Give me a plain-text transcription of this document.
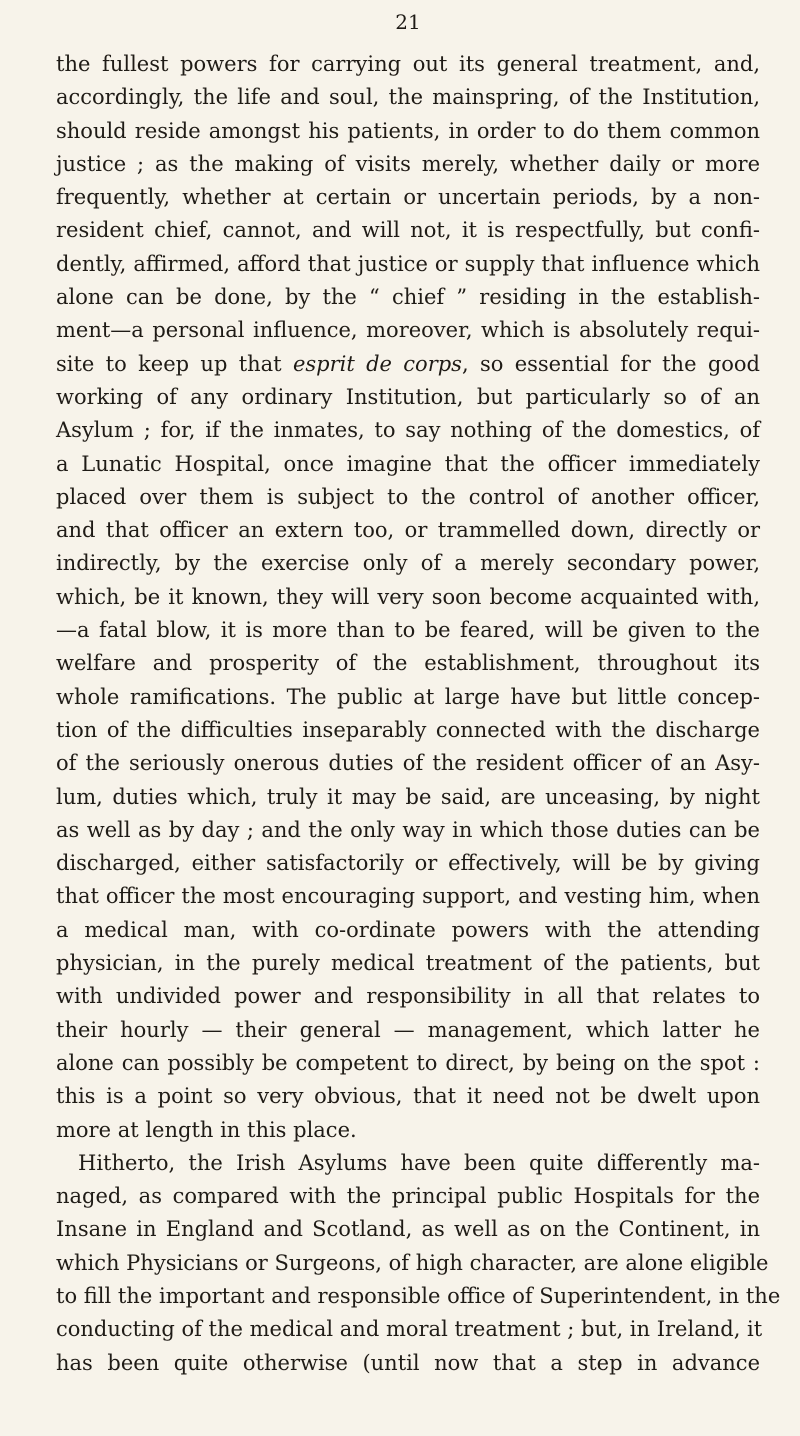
21

the fullest powers for carrying out its general treatment, and,
accordingly, the life and soul, the mainspring, of the Institution,
should reside amongst his patients, in order to do them common
justice ; as the making of visits merely, whether daily or more
frequently, whether at certain or uncertain periods, by a non-
resident chief, cannot, and will not, it is respectfully, but confi-
dently, affirmed, afford that justice or supply that influence which
alone can be done, by the “ chief ” residing in the establish-
ment—a personal influence, moreover, which is absolutely requi-
site to keep up that esprit de corps, so essential for the good
working of any ordinary Institution, but particularly so of an
Asylum ; for, if the inmates, to say nothing of the domestics, of
a Lunatic Hospital, once imagine that the officer immediately
placed over them is subject to the control of another officer,
and that officer an extern too, or trammelled down, directly or
indirectly, by the exercise only of a merely secondary power,
which, be it known, they will very soon become acquainted with,
—a fatal blow, it is more than to be feared, will be given to the
welfare and prosperity of the establishment, throughout its
whole ramifications. The public at large have but little concep-
tion of the difficulties inseparably connected with the discharge
of the seriously onerous duties of the resident officer of an Asy-
lum, duties which, truly it may be said, are unceasing, by night
as well as by day ; and the only way in which those duties can be
discharged, either satisfactorily or effectively, will be by giving
that officer the most encouraging support, and vesting him, when
a medical man, with co-ordinate powers with the attending
physician, in the purely medical treatment of the patients, but
with undivided power and responsibility in all that relates to
their hourly — their general — management, which latter he
alone can possibly be competent to direct, by being on the spot :
this is a point so very obvious, that it need not be dwelt upon
more at length in this place.

Hitherto, the Irish Asylums have been quite differently ma-
naged, as compared with the principal public Hospitals for the
Insane in England and Scotland, as well as on the Continent, in
which Physicians or Surgeons, of high character, are alone eligible
to fill the important and responsible office of Superintendent, in the
conducting of the medical and moral treatment ; but, in Ireland, it
has been quite otherwise (until now that a step in advance
